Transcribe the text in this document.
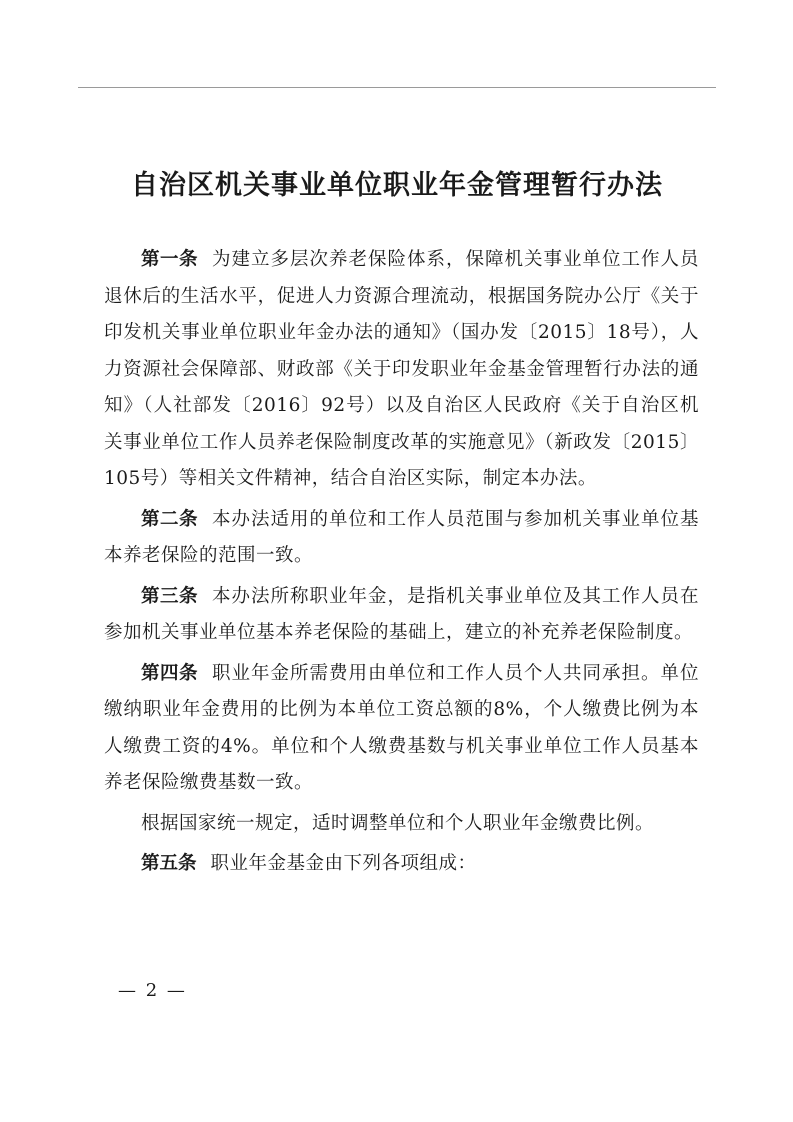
自治区机关事业单位职业年金管理暂行办法

第一条 为建立多层次养老保险体系，保障机关事业单位工作人员退休后的生活水平，促进人力资源合理流动，根据国务院办公厅《关于印发机关事业单位职业年金办法的通知》（国办发〔2015〕18号），人力资源社会保障部、财政部《关于印发职业年金基金管理暂行办法的通知》（人社部发〔2016〕92号）以及自治区人民政府《关于自治区机关事业单位工作人员养老保险制度改革的实施意见》（新政发〔2015〕105号）等相关文件精神，结合自治区实际，制定本办法。

第二条 本办法适用的单位和工作人员范围与参加机关事业单位基本养老保险的范围一致。

第三条 本办法所称职业年金，是指机关事业单位及其工作人员在参加机关事业单位基本养老保险的基础上，建立的补充养老保险制度。

第四条 职业年金所需费用由单位和工作人员个人共同承担。单位缴纳职业年金费用的比例为本单位工资总额的8%，个人缴费比例为本人缴费工资的4%。单位和个人缴费基数与机关事业单位工作人员基本养老保险缴费基数一致。

根据国家统一规定，适时调整单位和个人职业年金缴费比例。

第五条 职业年金基金由下列各项组成：

— 2 —
